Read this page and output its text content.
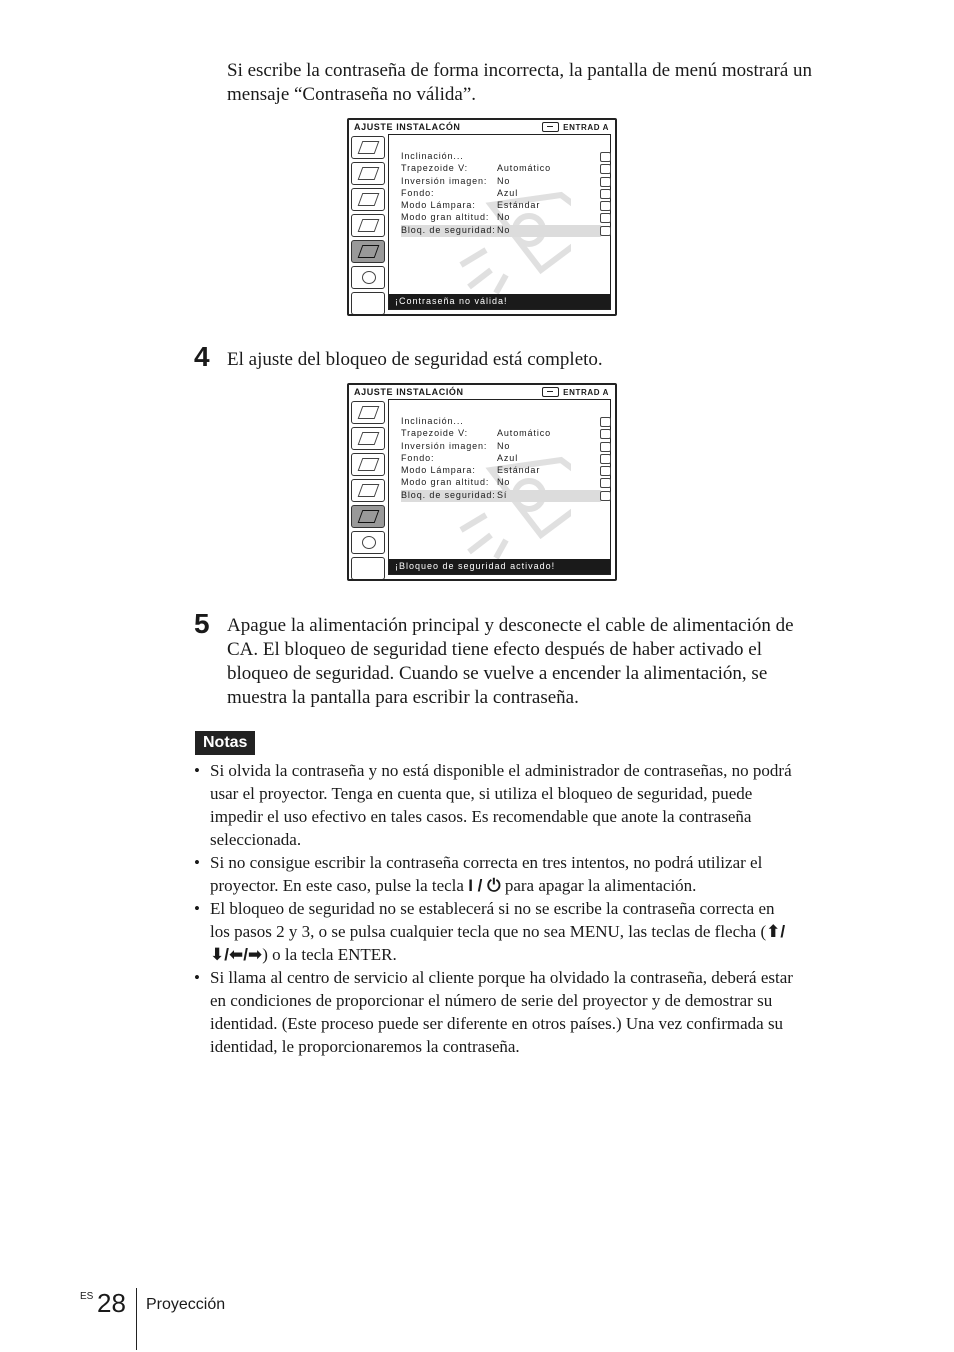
Si escribe la contraseña de forma incorrecta, la pantalla de menú mostrará un
mensaje “Contraseña no válida”.
AJUSTE INSTALACÓN	ENTRAD A
Inclinación...
Trapezoide V:	Automático
Inversión imagen:	No
Fondo:	Azul
Modo Lámpara:	Estándar
Modo gran altitud: No
Bloq. de seguridad: No
¡Contraseña no válida!
4 El ajuste del bloqueo de seguridad está completo.
AJUSTE INSTALACIÓN	ENTRAD A
Inclinación...
Trapezoide V:	Automático
Inversión imagen:	No
Fondo:	Azul
Modo Lámpara:	Estándar
Modo gran altitud: No
Bloq. de seguridad: Sí
¡Bloqueo de seguridad activado!
5 Apague la alimentación principal y desconecte el cable de alimentación de
CA. El bloqueo de seguridad tiene efecto después de haber activado el
bloqueo de seguridad. Cuando se vuelve a encender la alimentación, se
muestra la pantalla para escribir la contraseña.
Notas
• Si olvida la contraseña y no está disponible el administrador de contraseñas, no podrá
usar el proyector. Tenga en cuenta que, si utiliza el bloqueo de seguridad, puede
impedir el uso efectivo en tales casos. Es recomendable que anote la contraseña
seleccionada.
• Si no consigue escribir la contraseña correcta en tres intentos, no podrá utilizar el
proyector. En este caso, pulse la tecla I / ⏻ para apagar la alimentación.
• El bloqueo de seguridad no se establecerá si no se escribe la contraseña correcta en
los pasos 2 y 3, o se pulsa cualquier tecla que no sea MENU, las teclas de flecha (⬆/
⬇/⬅/➡) o la tecla ENTER.
• Si llama al centro de servicio al cliente porque ha olvidado la contraseña, deberá estar
en condiciones de proporcionar el número de serie del proyector y de demostrar su
identidad. (Este proceso puede ser diferente en otros países.) Una vez confirmada su
identidad, le proporcionaremos la contraseña.
ES 28 Proyección
